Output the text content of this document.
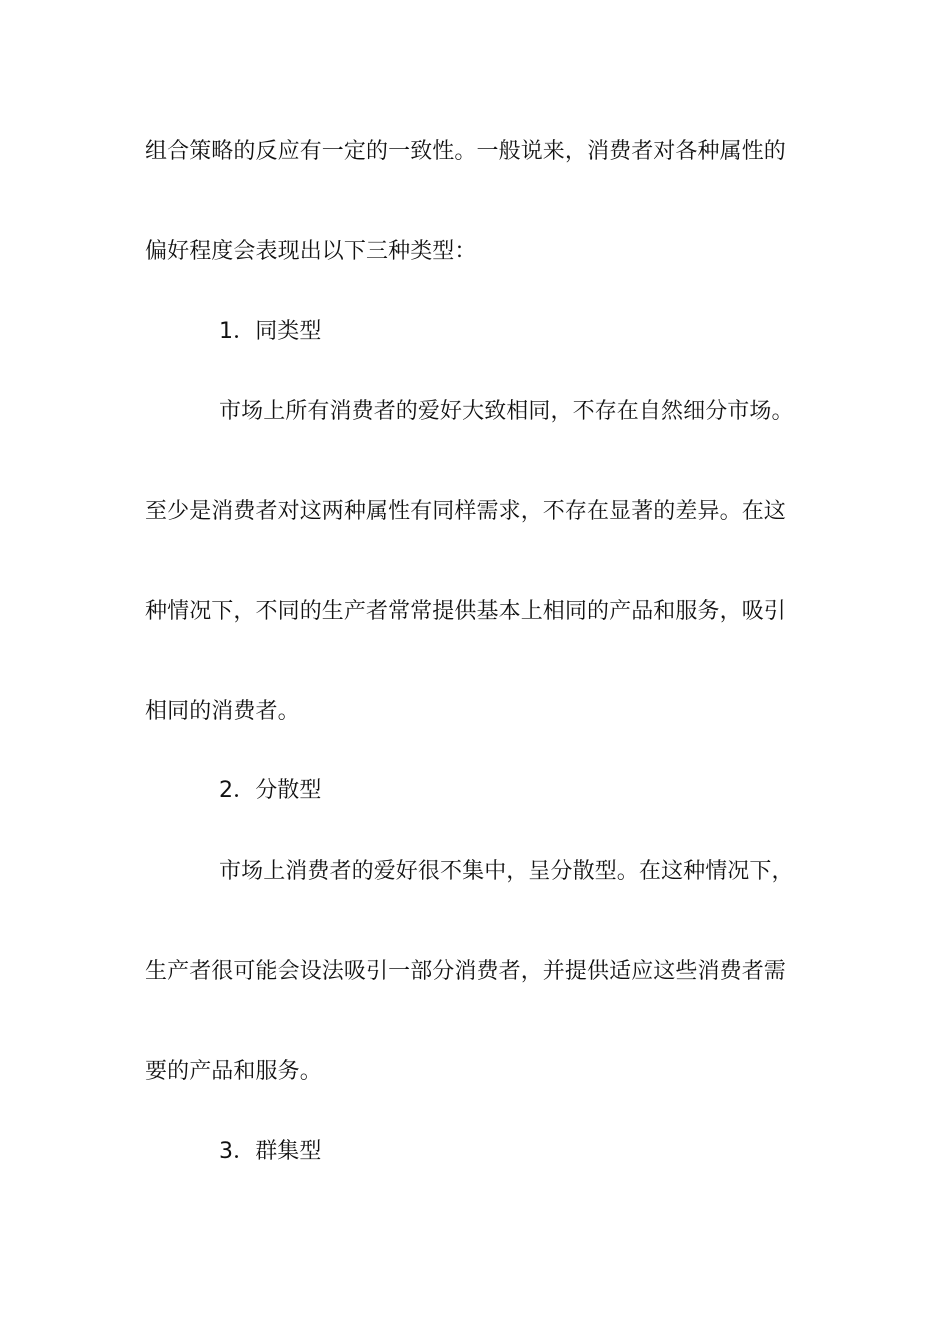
组合策略的反应有一定的一致性。一般说来，消费者对各种属性的
偏好程度会表现出以下三种类型：
1．同类型
市场上所有消费者的爱好大致相同，不存在自然细分市场。
至少是消费者对这两种属性有同样需求，不存在显著的差异。在这
种情况下，不同的生产者常常提供基本上相同的产品和服务，吸引
相同的消费者。
2．分散型
市场上消费者的爱好很不集中，呈分散型。在这种情况下，
生产者很可能会设法吸引一部分消费者，并提供适应这些消费者需
要的产品和服务。
3．群集型
